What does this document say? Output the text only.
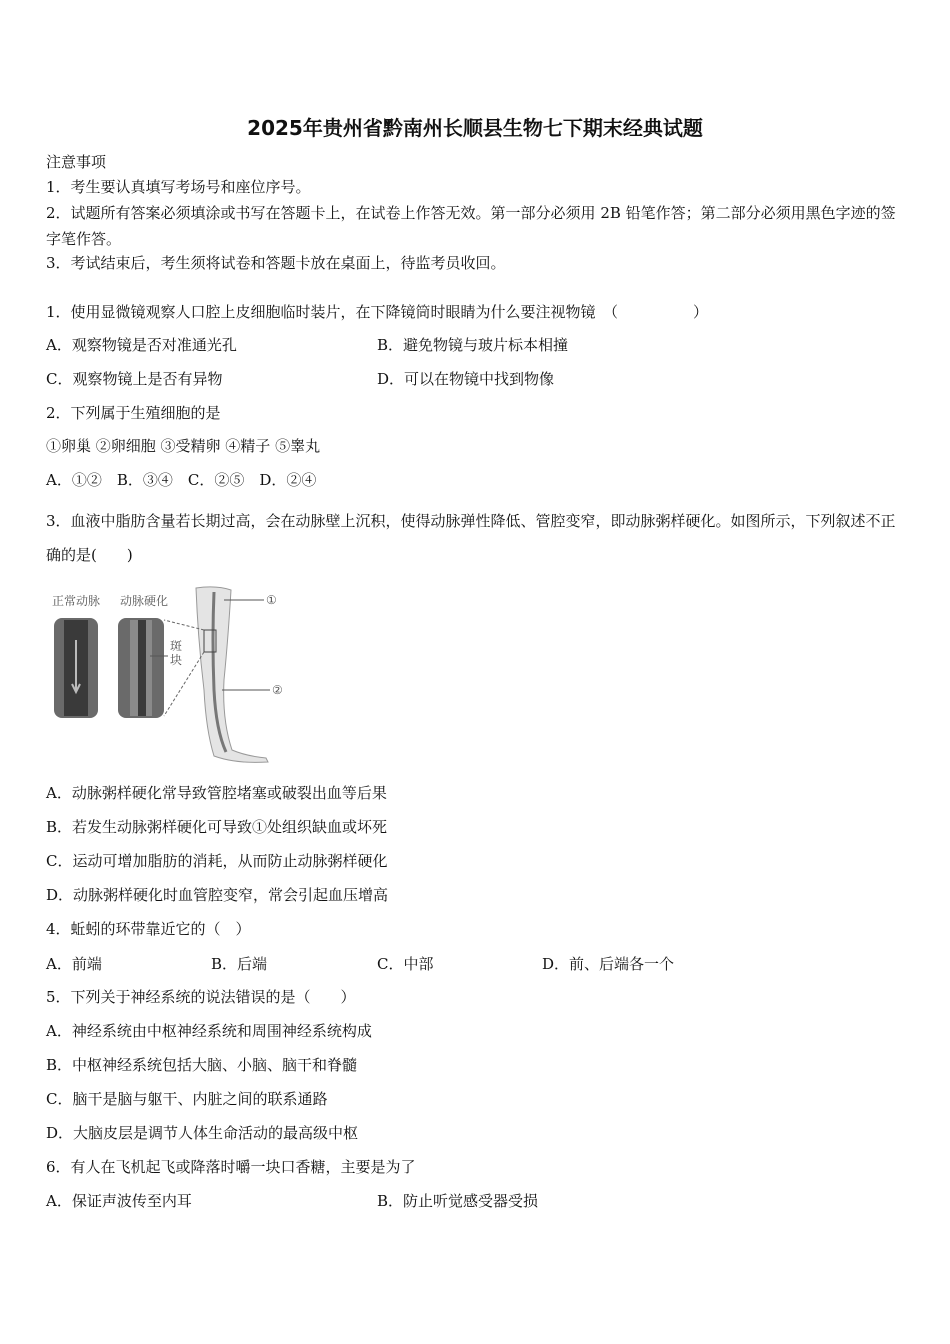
2025年贵州省黔南州长顺县生物七下期末经典试题
注意事项
1．考生要认真填写考场号和座位序号。
2．试题所有答案必须填涂或书写在答题卡上，在试卷上作答无效。第一部分必须用 2B 铅笔作答；第二部分必须用黑色字迹的签字笔作答。
3．考试结束后，考生须将试卷和答题卡放在桌面上，待监考员收回。
1．使用显微镜观察人口腔上皮细胞临时装片，在下降镜筒时眼睛为什么要注视物镜　（　　　　　）
A．观察物镜是否对准通光孔	B．避免物镜与玻片标本相撞
C．观察物镜上是否有异物	D．可以在物镜中找到物像
2．下列属于生殖细胞的是
①卵巢 ②卵细胞 ③受精卵 ④精子 ⑤睾丸
A．①②　B．③④　C．②⑤　D．②④
3．血液中脂肪含量若长期过高，会在动脉壁上沉积，使得动脉弹性降低、管腔变窄，即动脉粥样硬化。如图所示，下列叙述不正确的是(　　)
正常动脉 动脉硬化
斑
块
①
②
A．动脉粥样硬化常导致管腔堵塞或破裂出血等后果
B．若发生动脉粥样硬化可导致①处组织缺血或坏死
C．运动可增加脂肪的消耗，从而防止动脉粥样硬化
D．动脉粥样硬化时血管腔变窄，常会引起血压增高
4．蚯蚓的环带靠近它的（　）
A．前端	B．后端	C．中部	D．前、后端各一个
5．下列关于神经系统的说法错误的是（　　）
A．神经系统由中枢神经系统和周围神经系统构成
B．中枢神经系统包括大脑、小脑、脑干和脊髓
C．脑干是脑与躯干、内脏之间的联系通路
D．大脑皮层是调节人体生命活动的最高级中枢
6．有人在飞机起飞或降落时嚼一块口香糖，主要是为了
A．保证声波传至内耳	B．防止听觉感受器受损
